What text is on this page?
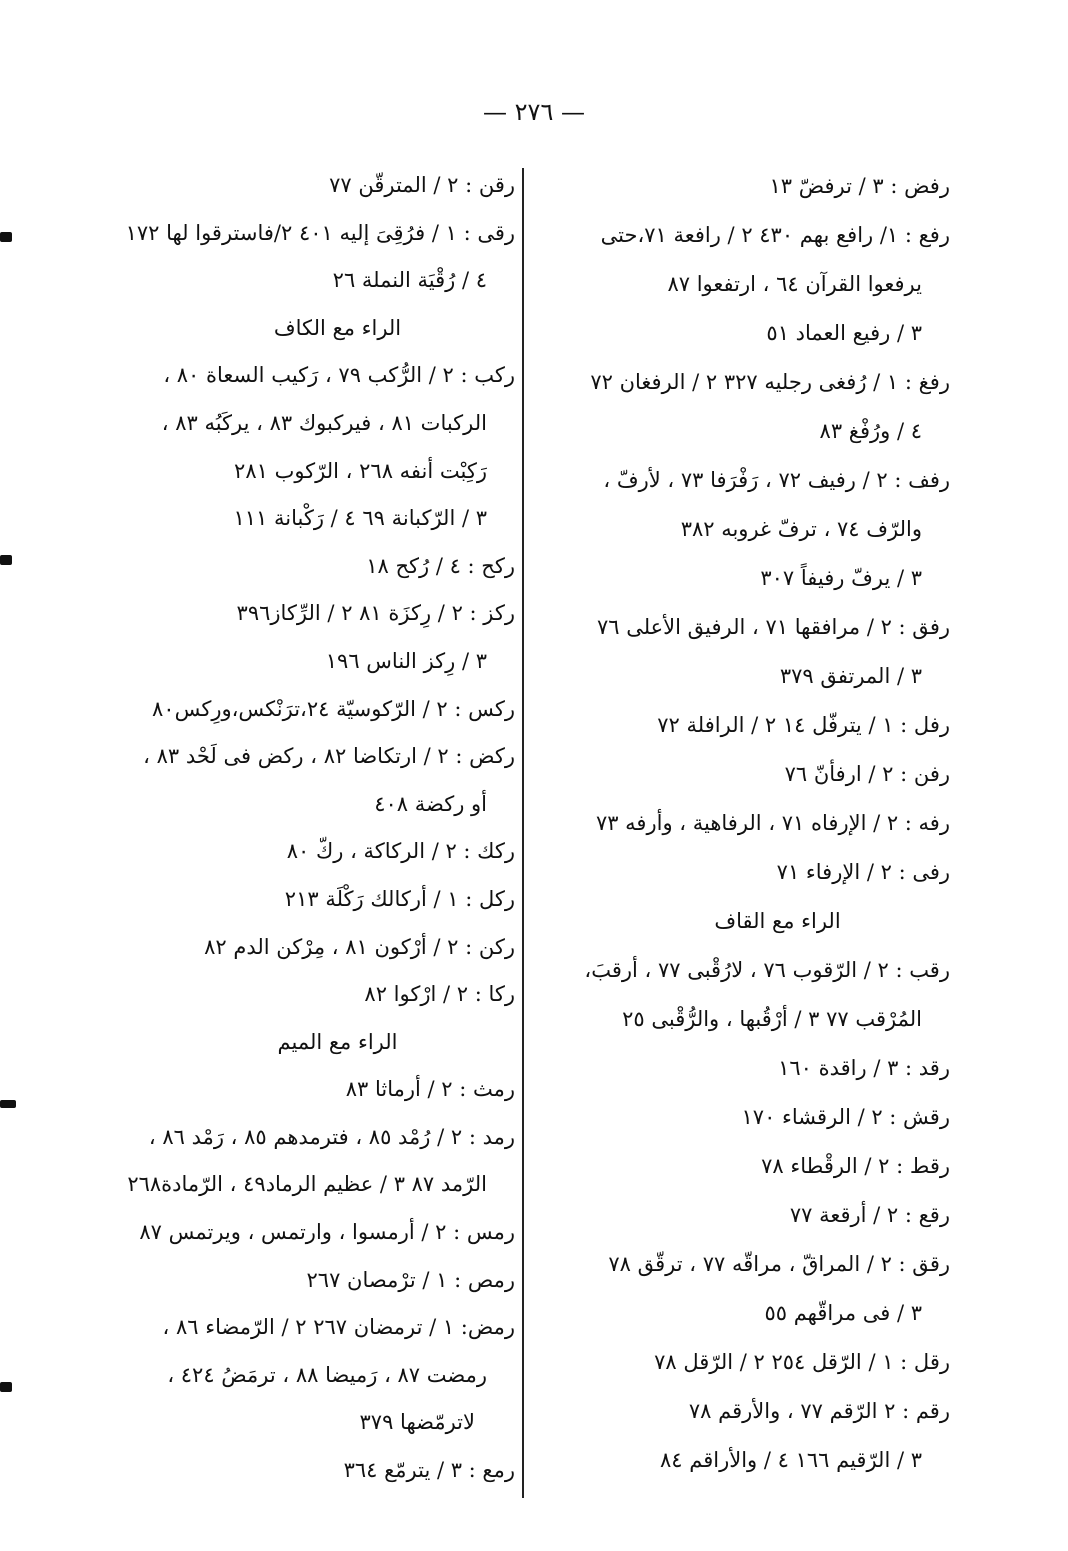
— ٢٧٦ —
رفض : ٣ / ترفضّ ١٣
رفع : ١/ رافع بهم ٤٣٠ ٢ / رافعة ٧١،حتى
يرفعوا القرآن ٦٤ ، ارتفعوا ٨٧
٣ / رفيع العماد ٥١
رفغ : ١ / رُفغى رجليه ٣٢٧ ٢ / الرفغان ٧٢
٤ / ورُفْغ ٨٣
رفف : ٢ / رفيف ٧٢ ، رَفْرَفا ٧٣ ، لأرفّ ،
والرّف ٧٤ ، ترفّ غروبه ٣٨٢
٣ / يرفّ رفيفاً ٣٠٧
رفق : ٢ / مرافقها ٧١ ، الرفيق الأعلى ٧٦
٣ / المرتفق ٣٧٩
رفل : ١ / يترفّل ١٤ ٢ / الرافلة ٧٢
رفن : ٢ / ارفأنّ ٧٦
رفه : ٢ / الإرفاه ٧١ ، الرفاهية ، وأرفه ٧٣
رفى : ٢ / الإرفاء ٧١
الراء مع القاف
رقب : ٢ / الرّقوب ٧٦ ، لارُقْبى ٧٧ ، أرقبَ،
المُرْقب ٧٧ ٣ / أرْقُبها ، والرُّقْبى ٢٥
رقد : ٣ / راقدة ١٦٠
رقش : ٢ / الرقشاء ١٧٠
رقط : ٢ / الرقْطاء ٧٨
رقع : ٢ / أرقعة ٧٧
رقق : ٢ / المراقّ ، مراقّه ٧٧ ، ترقّق ٧٨
٣ / فى مراقّهم ٥٥
رقل : ١ / الرّقل ٢٥٤ ٢ / الرّقل ٧٨
رقم : ٢ الرّقم ٧٧ ، والأرقم ٧٨
٣ / الرّقيم ١٦٦ ٤ / والأراقم ٨٤
رقن : ٢ / المترقّن ٧٧
رقى : ١ / فرُقِىَ إليه ٤٠١ ٢/فاسترقوا لها ١٧٢
٤ / رُقْيَة النملة ٢٦
الراء مع الكاف
ركب : ٢ / الرُّكب ٧٩ ، رَكيب السعاة ٨٠ ،
الركبات ٨١ ، فيركبوك ٨٣ ، يركَبُه ٨٣ ،
رَكِبْت أنفه ٢٦٨ ، الرّكوب ٢٨١
٣ / الرّكبانة ٦٩ ٤ / رَكْبانة ١١١
ركح : ٤ / رُكح ١٨
ركز : ٢ / رِكزَة ٨١ ٢ / الرِّكاز٣٩٦
٣ / رِكز الناس ١٩٦
ركس : ٢ / الرّكوسيّة ٢٤،ترَنْكس،ورِكس٨٠
ركض : ٢ / ارتكاضا ٨٢ ، ركض فى لَحْد ٨٣ ،
أو ركضة ٤٠٨
ركك : ٢ / الركاكة ، ركّ ٨٠
ركل : ١ / أركالك رَكْلَة ٢١٣
ركن : ٢ / أرْكون ٨١ ، مِرْكن الدم ٨٢
ركا : ٢ / ارْكوا ٨٢
الراء مع الميم
رمث : ٢ / أرماثا ٨٣
رمد : ٢ / رُمْد ٨٥ ، فترمدهم ٨٥ ، رَمْد ٨٦ ،
الرّمد ٨٧ ٣ / عظيم الرماد٤٩ ، الرّمادة٢٦٨
رمس : ٢ / أرمسوا ، وارتمس ، ويرتمس ٨٧
رمص : ١ / ترْمصان ٢٦٧
رمض: ١ / ترمضان ٢٦٧ ٢ / الرّمضاء ٨٦ ،
رمضت ٨٧ ، رَميضا ٨٨ ، ترمَضُ ٤٢٤ ،
لاترمّضها ٣٧٩
رمع : ٣ / يترمّع ٣٦٤
